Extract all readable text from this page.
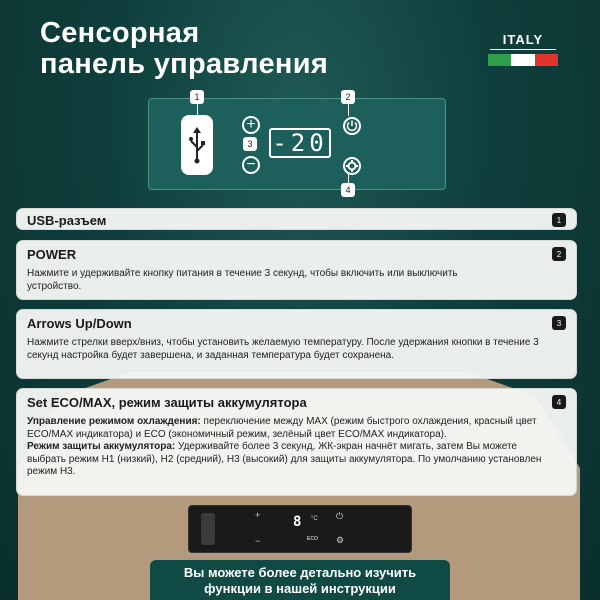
Сенсорная
панель управления
ITALY
+
−
3 -20
1	2
4
+
−
8	°C
ECO
⏻
⚙
USB-разъем	1
POWER	2
Нажмите и удерживайте кнопку питания в течение 3 секунд, чтобы включить или выключить устройство.
Arrows Up/Down	3
Нажмите стрелки вверх/вниз, чтобы установить желаемую температуру. После удержания кнопки в течение 3 секунд настройка будет завершена, и заданная температура будет сохранена.
Set ECO/MAX, режим защиты аккумулятора	4

Управление режимом охлаждения: переключение между MAX (режим быстрого охлаждения, красный цвет ECO/MAX индикатора) и ECO (экономичный режим, зелёный цвет ECO/MAX индикатора).

Режим защиты аккумулятора: Удерживайте более 3 секунд, ЖК-экран начнёт мигать, затем Вы можете выбрать режим H1 (низкий), H2 (средний), H3 (высокий) для защиты аккумулятора. По умолчанию установлен режим H3.

Вы можете более детально изучить
функции в нашей инструкции
